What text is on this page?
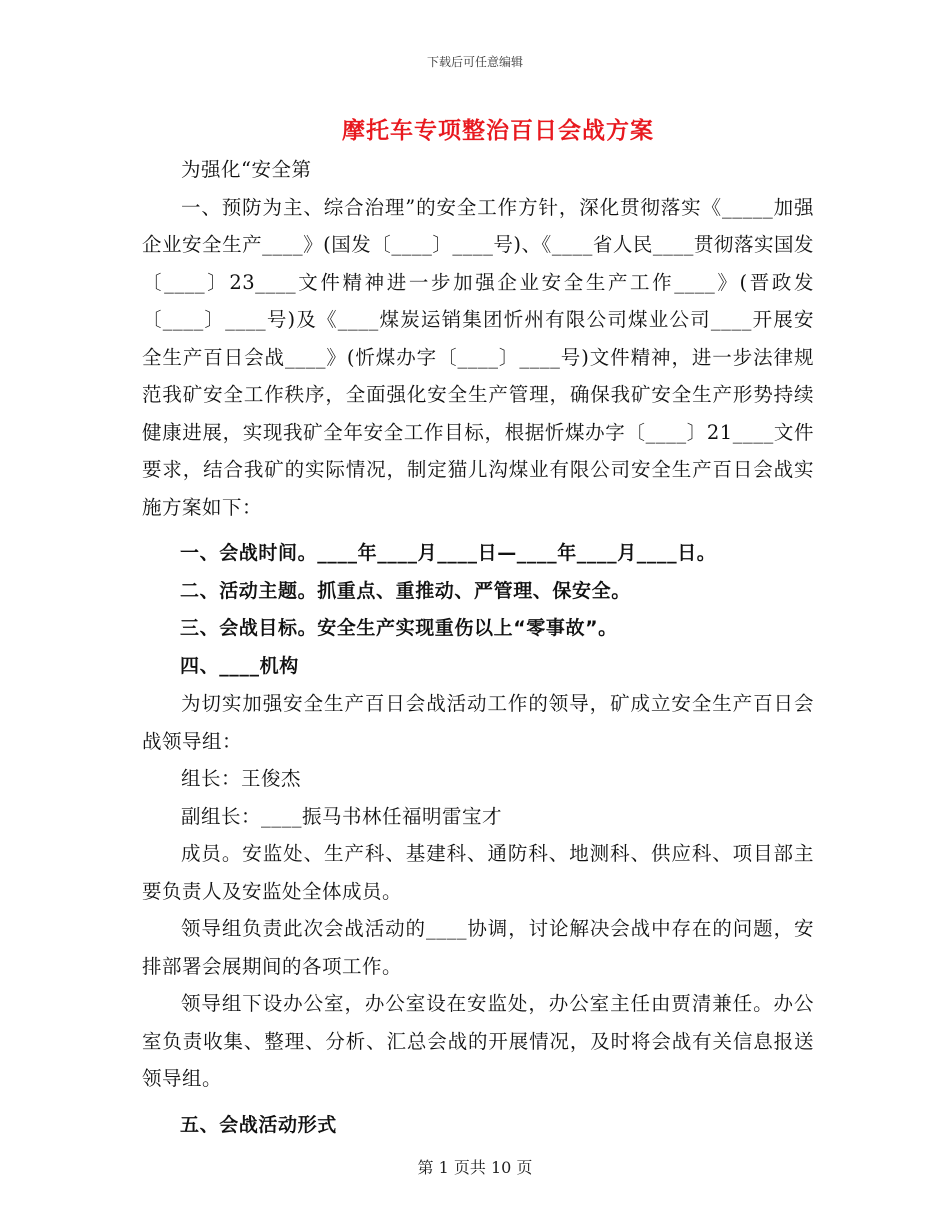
下载后可任意编辑
摩托车专项整治百日会战方案

为强化“安全第

一、预防为主、综合治理”的安全工作方针，深化贯彻落实《_____加强企业安全生产____》(国发〔____〕____号)、《____省人民____贯彻落实国发〔____〕23____文件精神进一步加强企业安全生产工作____》(晋政发〔____〕____号)及《____煤炭运销集团忻州有限公司煤业公司____开展安全生产百日会战____》(忻煤办字〔____〕____号)文件精神，进一步法律规范我矿安全工作秩序，全面强化安全生产管理，确保我矿安全生产形势持续健康进展，实现我矿全年安全工作目标，根据忻煤办字〔____〕21____文件要求，结合我矿的实际情况，制定猫儿沟煤业有限公司安全生产百日会战实施方案如下：

一、会战时间。____年____月____日—____年____月____日。

二、活动主题。抓重点、重推动、严管理、保安全。

三、会战目标。安全生产实现重伤以上“零事故”。

四、____机构

为切实加强安全生产百日会战活动工作的领导，矿成立安全生产百日会战领导组：

组长：王俊杰

副组长：____振马书林任福明雷宝才

成员。安监处、生产科、基建科、通防科、地测科、供应科、项目部主要负责人及安监处全体成员。

领导组负责此次会战活动的____协调，讨论解决会战中存在的问题，安排部署会展期间的各项工作。

领导组下设办公室，办公室设在安监处，办公室主任由贾清兼任。办公室负责收集、整理、分析、汇总会战的开展情况，及时将会战有关信息报送领导组。

五、会战活动形式

第 1 页共 10 页
